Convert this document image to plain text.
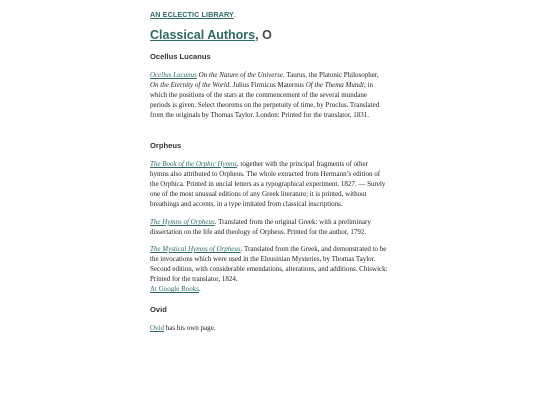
AN ECLECTIC LIBRARY.
Classical Authors, O
Ocellus Lucanus

Ocellus Lucanus On the Nature of the Universe. Taurus, the Platonic Philosopher, On the Eternity of the World. Julius Firmicus Maternus Of the Thema Mundi; in which the positions of the stars at the commencement of the several mundane periods is given. Select theorems on the perpetuity of time, by Proclus. Translated from the originals by Thomas Taylor. London: Printed for the translator, 1831.

Orpheus

The Book of the Orphic Hymns, together with the principal fragments of other hymns also attributed to Orpheus. The whole extracted from Hermann’s edition of the Orphica. Printed in uncial letters as a typographical experiment. 1827. — Surely one of the most unusual editions of any Greek literature; it is printed, without breathings and accents, in a type imitated from classical inscriptions.

The Hymns of Orpheus. Translated from the original Greek: with a preliminary dissertation on the life and theology of Orpheus. Printed for the author, 1792.

The Mystical Hymns of Orpheus. Translated from the Greek, and demonstrated to be the invocations which were used in the Eleusinian Mysteries, by Thomas Taylor. Second edition, with considerable emendations, alterations, and additions. Chiswick: Printed for the translator, 1824.
At Google Books.

Ovid

Ovid has his own page.
